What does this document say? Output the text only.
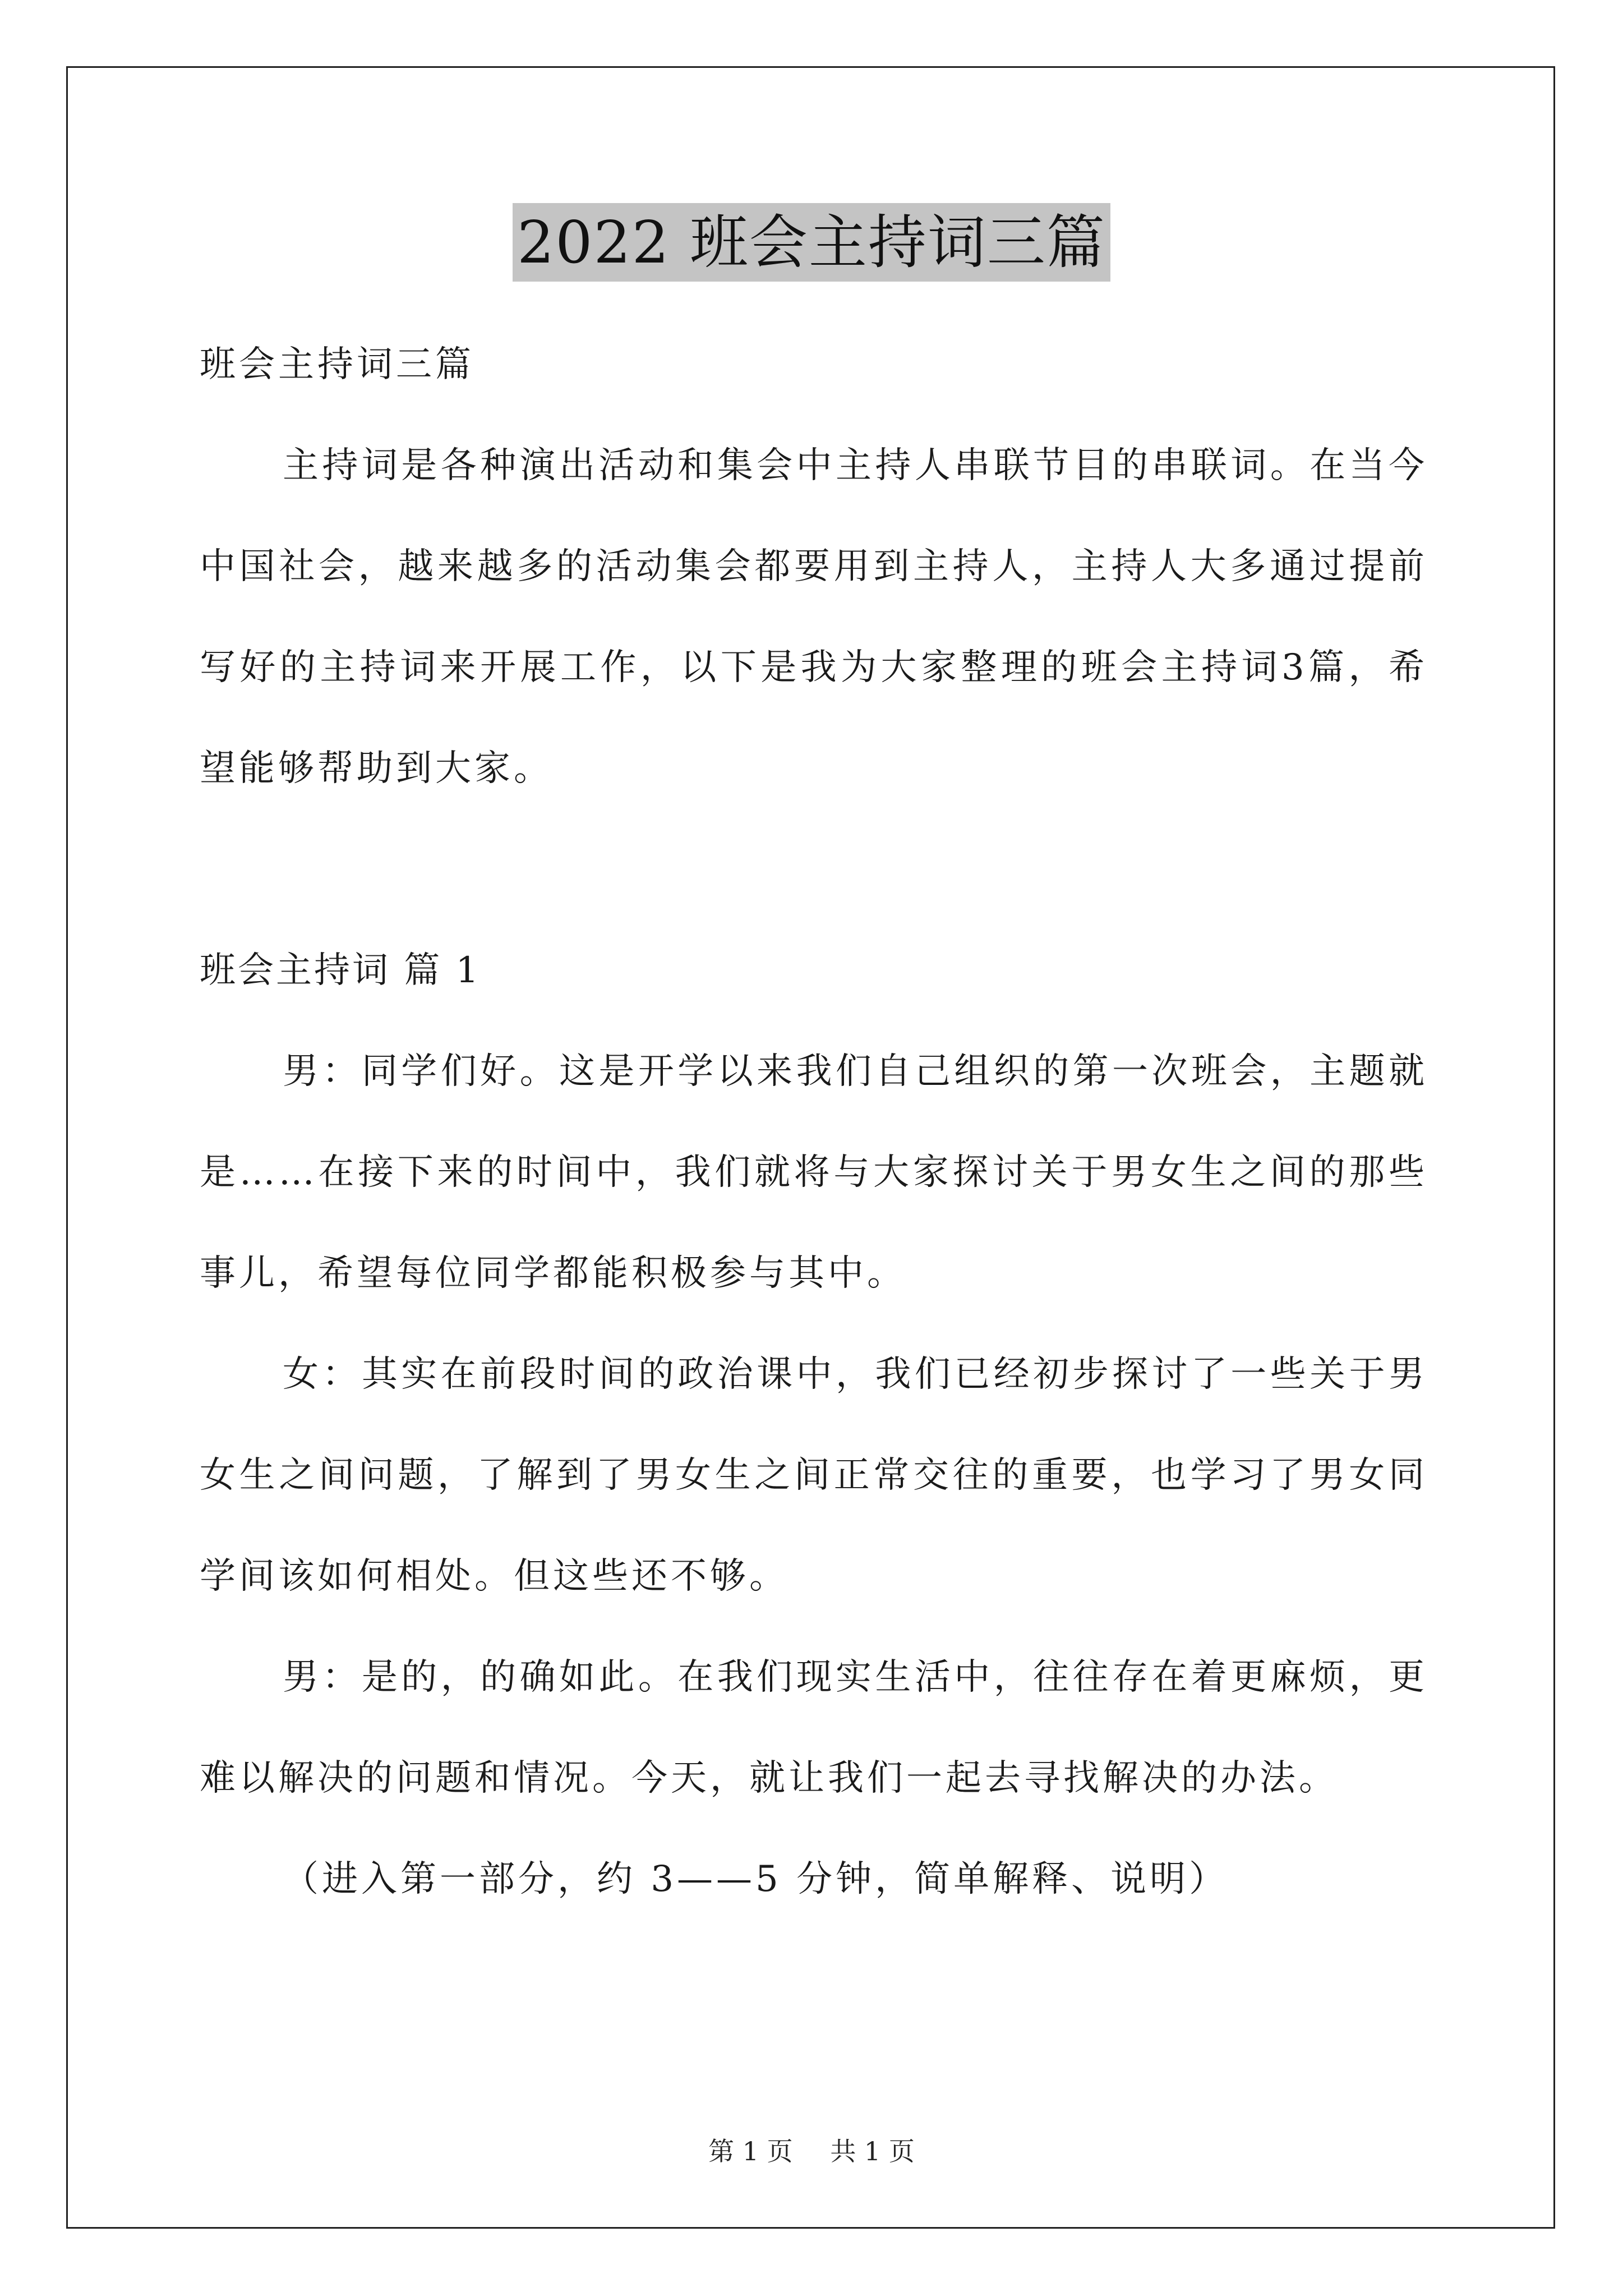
2022 班会主持词三篇

班会主持词三篇

主持词是各种演出活动和集会中主持人串联节目的串联词。在当今中国社会，越来越多的活动集会都要用到主持人，主持人大多通过提前写好的主持词来开展工作，以下是我为大家整理的班会主持词3篇，希望能够帮助到大家。

班会主持词 篇 1

男：同学们好。这是开学以来我们自己组织的第一次班会，主题就是……在接下来的时间中，我们就将与大家探讨关于男女生之间的那些事儿，希望每位同学都能积极参与其中。

女：其实在前段时间的政治课中，我们已经初步探讨了一些关于男女生之间问题，了解到了男女生之间正常交往的重要，也学习了男女同学间该如何相处。但这些还不够。

男：是的，的确如此。在我们现实生活中，往往存在着更麻烦，更难以解决的问题和情况。今天，就让我们一起去寻找解决的办法。

（进入第一部分，约 3——5 分钟，简单解释、说明）

第 1 页 共 1 页
